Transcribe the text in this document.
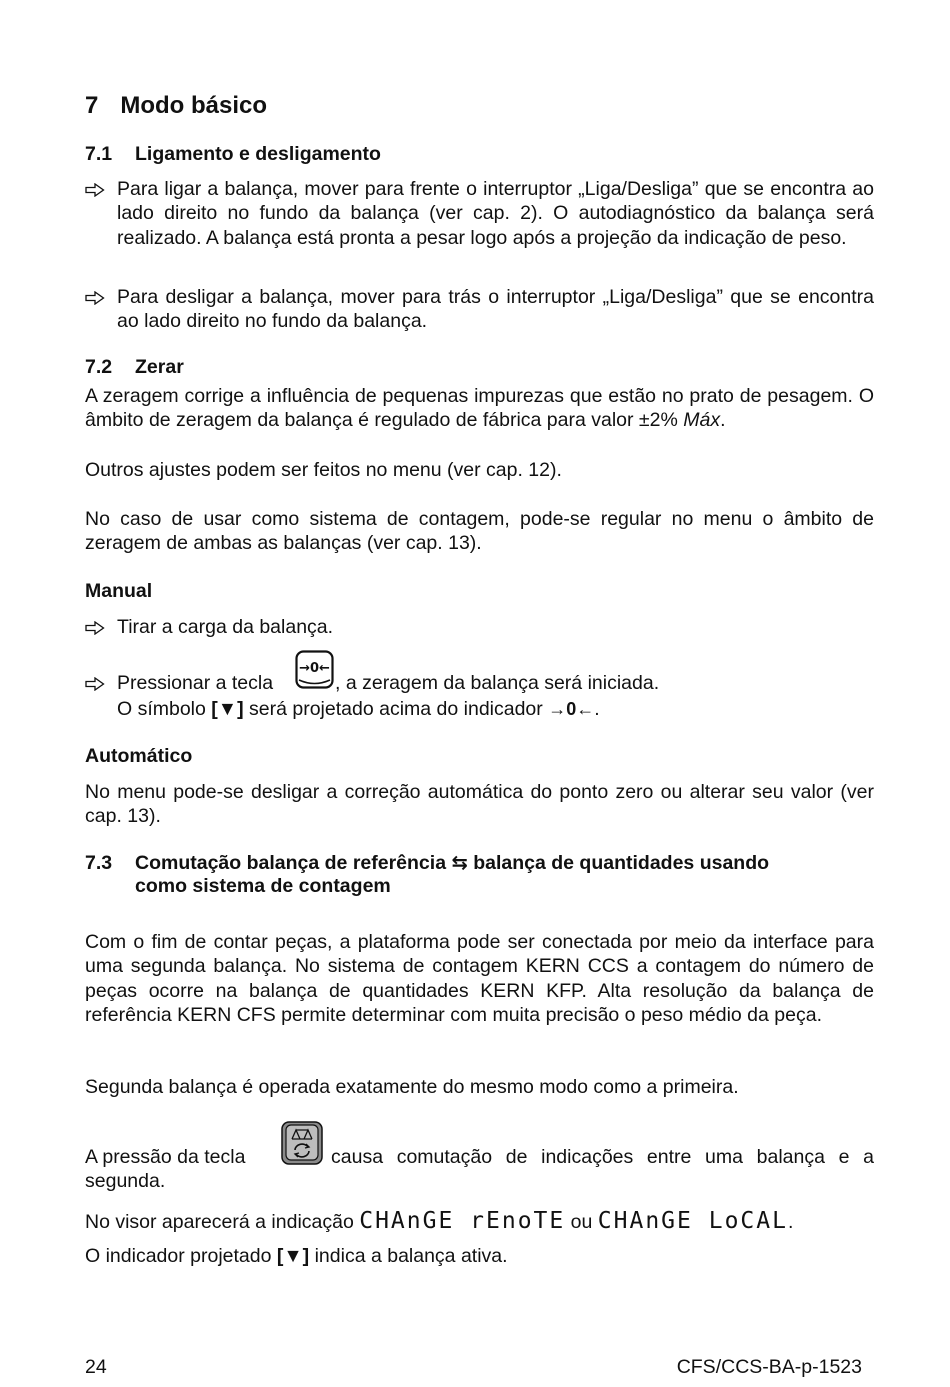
7 Modo básico
7.1 Ligamento e desligamento
Para ligar a balança, mover para frente o interruptor „Liga/Desliga” que se encontra ao lado direito no fundo da balança (ver cap. 2). O autodiagnóstico da balança será realizado. A balança está pronta a pesar logo após a projeção da indicação de peso.
Para desligar a balança, mover para trás o interruptor „Liga/Desliga” que se encontra ao lado direito no fundo da balança.
7.2 Zerar
A zeragem corrige a influência de pequenas impurezas que estão no prato de pesagem. O âmbito de zeragem da balança é regulado de fábrica para valor ±2% Máx.
Outros ajustes podem ser feitos no menu (ver cap. 12).
No caso de usar como sistema de contagem, pode-se regular no menu o âmbito de zeragem de ambas as balanças (ver cap. 13).
Manual
Tirar a carga da balança.
Pressionar a tecla
→0←
, a zeragem da balança será iniciada.
O símbolo [▼] será projetado acima do indicador →0←.
Automático
No menu pode-se desligar a correção automática do ponto zero ou alterar seu valor (ver cap. 13).
7.3 Comutação balança de referência ⇆ balança de quantidades usando
como sistema de contagem
Com o fim de contar peças, a plataforma pode ser conectada por meio da interface para uma segunda balança. No sistema de contagem KERN CCS a contagem do número de peças ocorre na balança de quantidades KERN KFP. Alta resolução da balança de referência KERN CFS permite determinar com muita precisão o peso médio da peça.
Segunda balança é operada exatamente do mesmo modo como a primeira.
A pressão da tecla	causa comutação de indicações entre uma balança e a
segunda.
No visor aparecerá a indicação CHAnGE rEnoTE ou CHAnGE LoCAL.
O indicador projetado [▼] indica a balança ativa.
24	CFS/CCS-BA-p-1523
